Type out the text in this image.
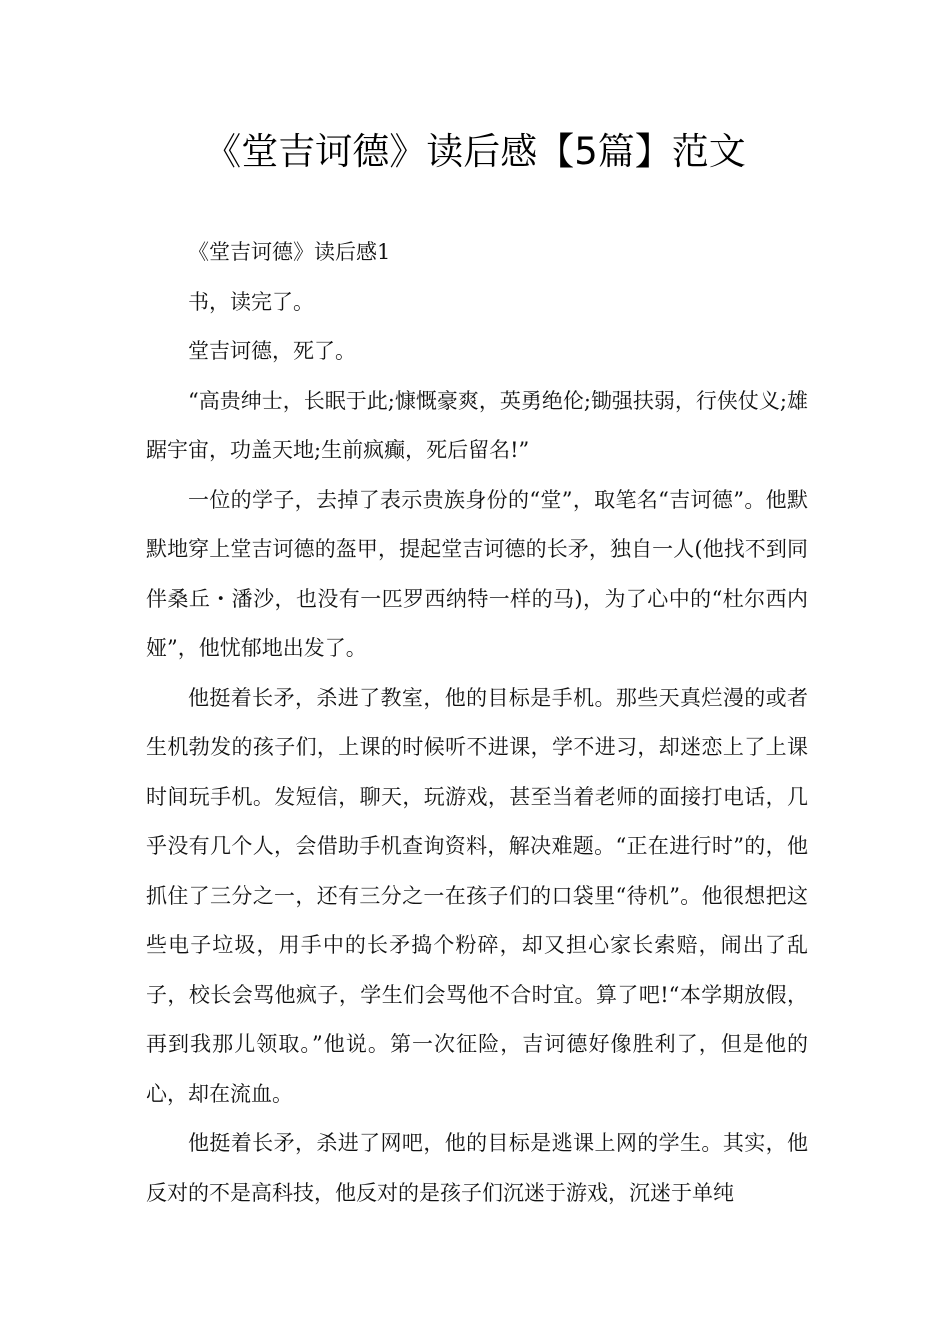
《堂吉诃德》读后感【5篇】范文

《堂吉诃德》读后感1

书，读完了。

堂吉诃德，死了。

“高贵绅士，长眠于此;慷慨豪爽，英勇绝伦;锄强扶弱，行侠仗义;雄踞宇宙，功盖天地;生前疯癫，死后留名!”

一位的学子，去掉了表示贵族身份的“堂”，取笔名“吉诃德”。他默默地穿上堂吉诃德的盔甲，提起堂吉诃德的长矛，独自一人(他找不到同伴桑丘・潘沙，也没有一匹罗西纳特一样的马)，为了心中的“杜尔西内娅”，他忧郁地出发了。

他挺着长矛，杀进了教室，他的目标是手机。那些天真烂漫的或者生机勃发的孩子们，上课的时候听不进课，学不进习，却迷恋上了上课时间玩手机。发短信，聊天，玩游戏，甚至当着老师的面接打电话，几乎没有几个人，会借助手机查询资料，解决难题。“正在进行时”的，他抓住了三分之一，还有三分之一在孩子们的口袋里“待机”。他很想把这些电子垃圾，用手中的长矛捣个粉碎，却又担心家长索赔，闹出了乱子，校长会骂他疯子，学生们会骂他不合时宜。算了吧!“本学期放假，再到我那儿领取。”他说。第一次征险，吉诃德好像胜利了，但是他的心，却在流血。

他挺着长矛，杀进了网吧，他的目标是逃课上网的学生。其实，他反对的不是高科技，他反对的是孩子们沉迷于游戏，沉迷于单纯
